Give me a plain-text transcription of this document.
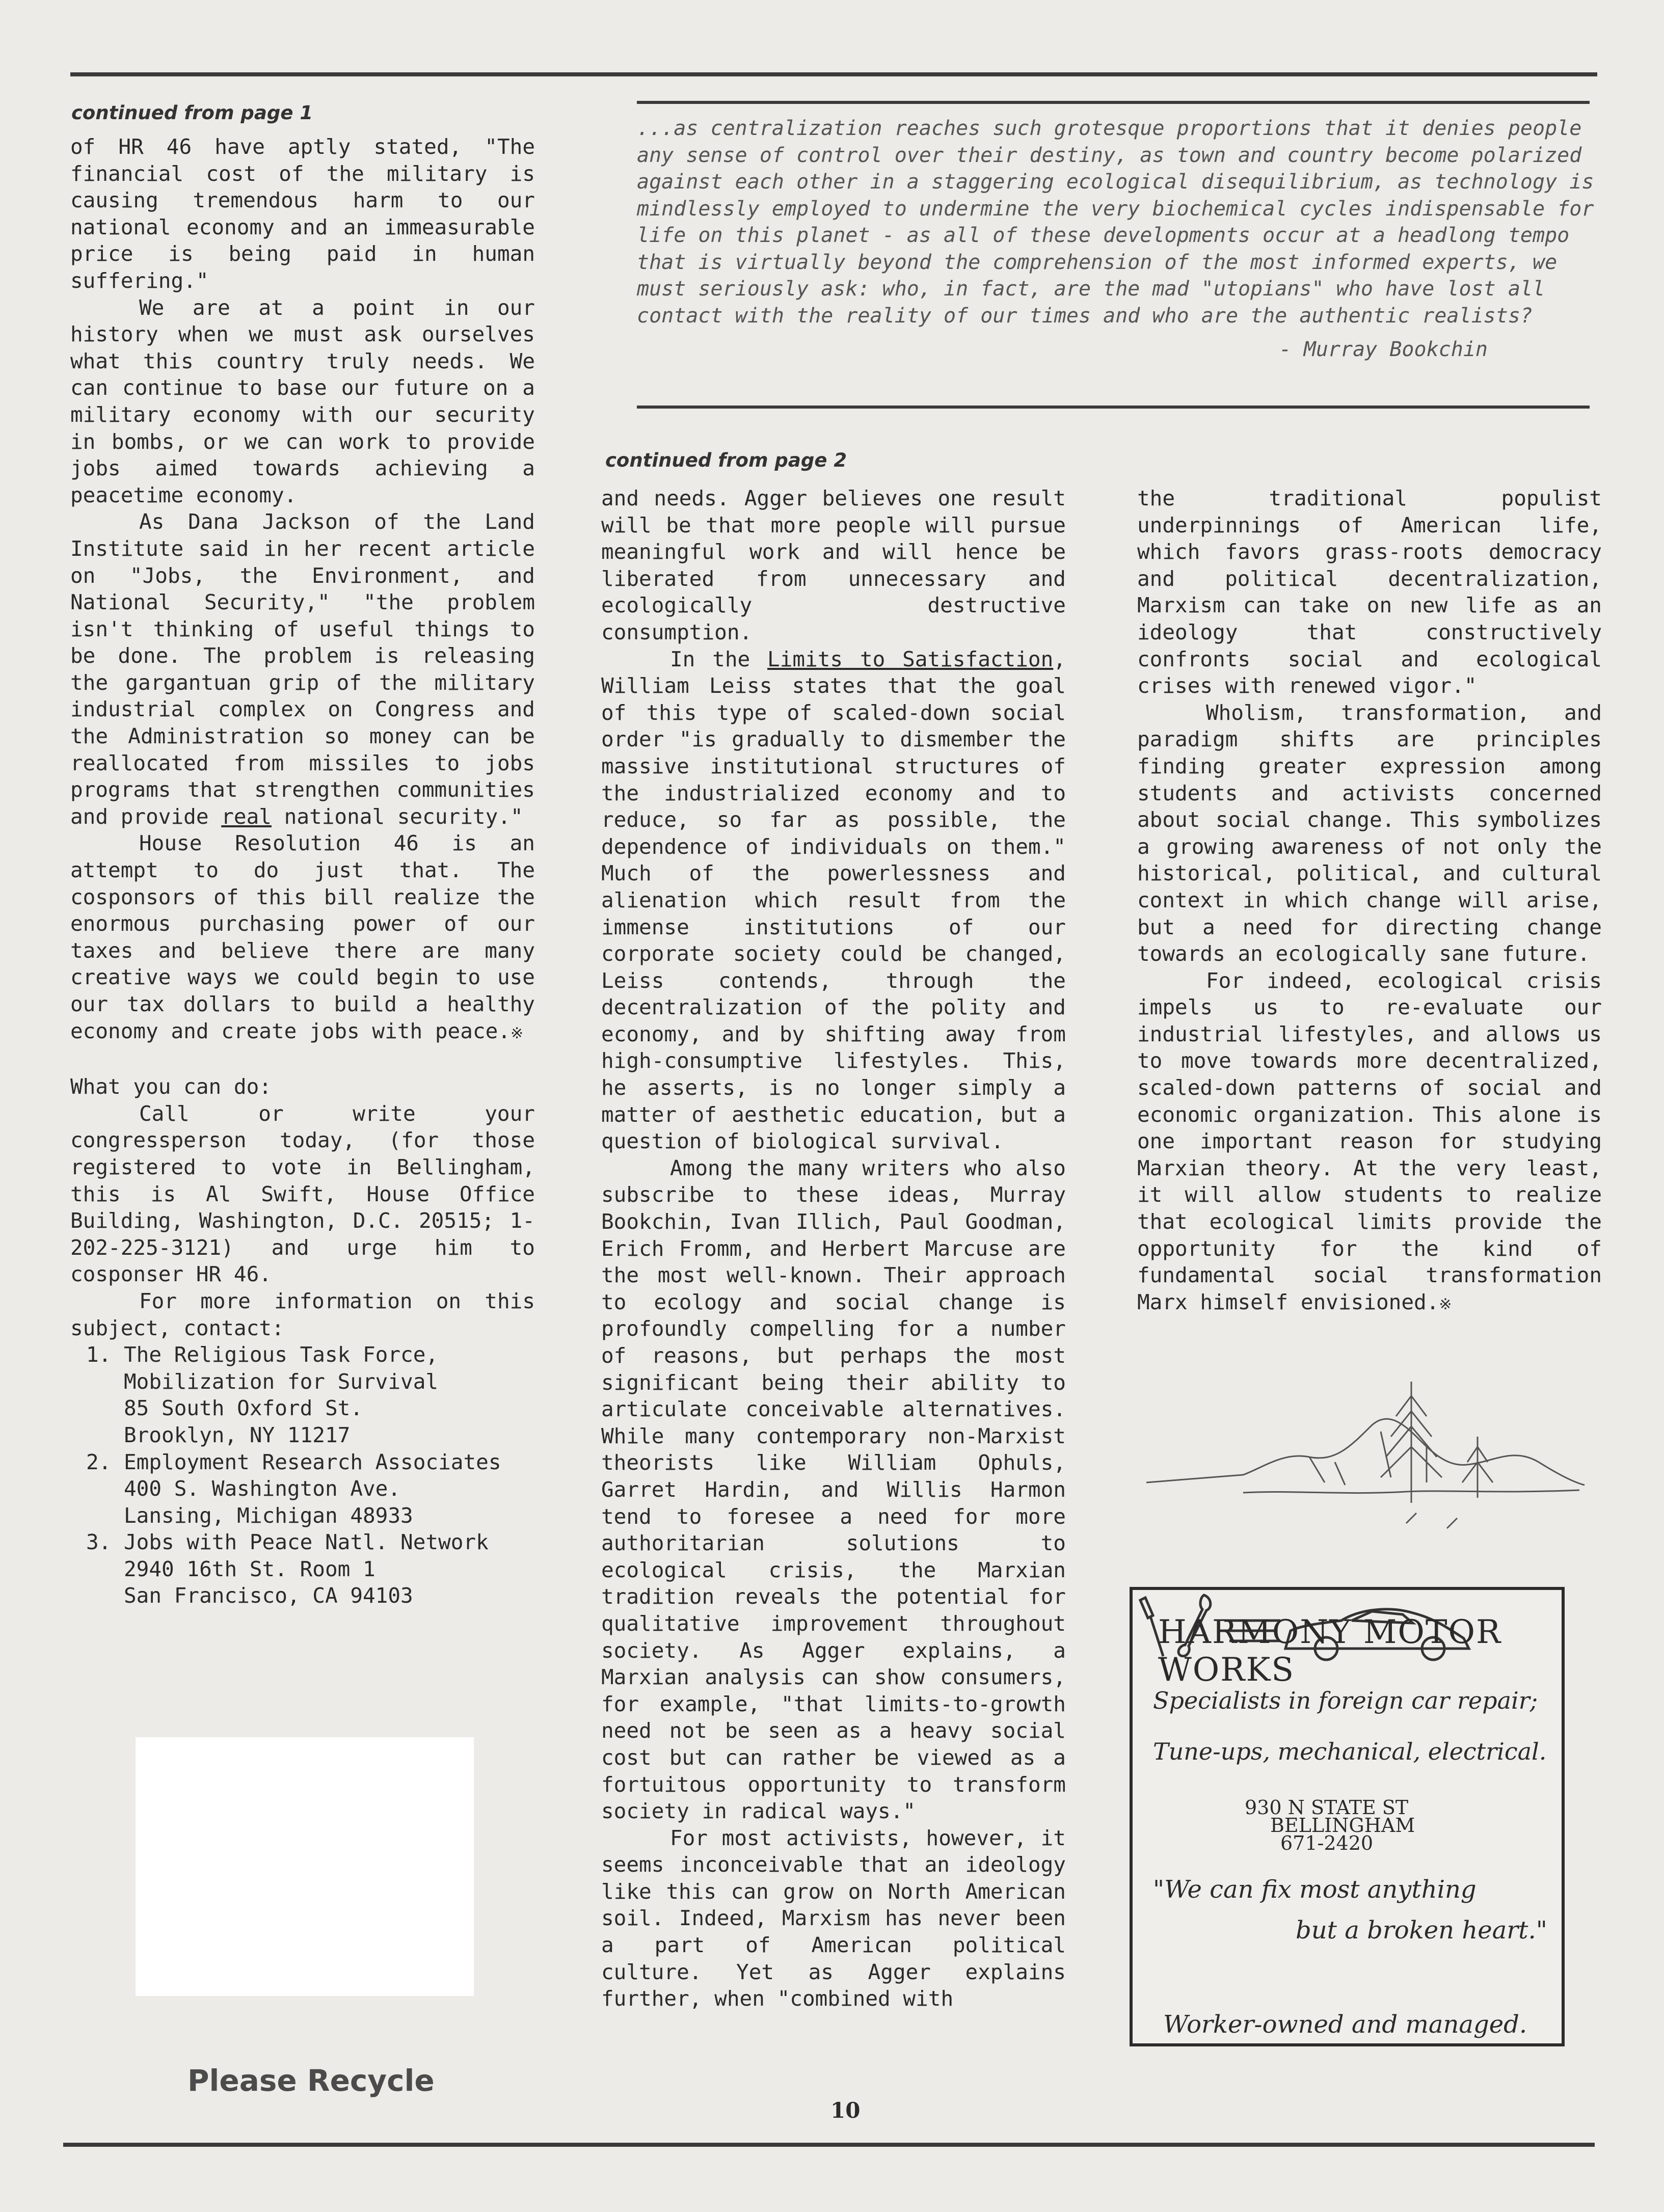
continued from page 1

of HR 46 have aptly stated, "The financial cost of the military is causing tremendous harm to our national economy and an immeasurable price is being paid in human suffering."

We are at a point in our history when we must ask ourselves what this country truly needs. We can continue to base our future on a military economy with our security in bombs, or we can work to provide jobs aimed towards achieving a peacetime economy.

As Dana Jackson of the Land Institute said in her recent article on "Jobs, the Environment, and National Security," "the problem isn't thinking of useful things to be done. The problem is releasing the gargantuan grip of the military industrial complex on Congress and the Administration so money can be reallocated from missiles to jobs programs that strengthen communities and provide real national security."

House Resolution 46 is an attempt to do just that. The cosponsors of this bill realize the enormous purchasing power of our taxes and believe there are many creative ways we could begin to use our tax dollars to build a healthy economy and create jobs with peace.※

What you can do:

Call or write your congressperson today, (for those registered to vote in Bellingham, this is Al Swift, House Office Building, Washington, D.C. 20515; 1-202-225-3121) and urge him to cosponser HR 46.

For more information on this subject, contact:

1. The Religious Task Force,
Mobilization for Survival
85 South Oxford St.
Brooklyn, NY 11217
2. Employment Research Associates
400 S. Washington Ave.
Lansing, Michigan 48933
3. Jobs with Peace Natl. Network
2940 16th St. Room 1
San Francisco, CA 94103
Please Recycle
...as centralization reaches such grotesque proportions that it denies people any sense of control over their destiny, as town and country become polarized against each other in a staggering ecological disequilibrium, as technology is mindlessly employed to undermine the very biochemical cycles indispensable for life on this planet - as all of these developments occur at a headlong tempo that is virtually beyond the comprehension of the most informed experts, we must seriously ask: who, in fact, are the mad "utopians" who have lost all contact with the reality of our times and who are the authentic realists?
- Murray Bookchin
continued from page 2

and needs. Agger believes one result will be that more people will pursue meaningful work and will hence be liberated from unnecessary and ecologically destructive consumption.

In the Limits to Satisfaction, William Leiss states that the goal of this type of scaled-down social order "is gradually to dismember the massive institutional structures of the industrialized economy and to reduce, so far as possible, the dependence of individuals on them." Much of the powerlessness and alienation which result from the immense institutions of our corporate society could be changed, Leiss contends, through the decentralization of the polity and economy, and by shifting away from high-consumptive lifestyles. This, he asserts, is no longer simply a matter of aesthetic education, but a question of biological survival.

Among the many writers who also subscribe to these ideas, Murray Bookchin, Ivan Illich, Paul Goodman, Erich Fromm, and Herbert Marcuse are the most well-known. Their approach to ecology and social change is profoundly compelling for a number of reasons, but perhaps the most significant being their ability to articulate conceivable alternatives. While many contemporary non-Marxist theorists like William Ophuls, Garret Hardin, and Willis Harmon tend to foresee a need for more authoritarian solutions to ecological crisis, the Marxian tradition reveals the potential for qualitative improvement throughout society. As Agger explains, a Marxian analysis can show consumers, for example, "that limits-to-growth need not be seen as a heavy social cost but can rather be viewed as a fortuitous opportunity to transform society in radical ways."

For most activists, however, it seems inconceivable that an ideology like this can grow on North American soil. Indeed, Marxism has never been a part of American political culture. Yet as Agger explains further, when "combined with

the traditional populist underpinnings of American life, which favors grass-roots democracy and political decentralization, Marxism can take on new life as an ideology that constructively confronts social and ecological crises with renewed vigor."

Wholism, transformation, and paradigm shifts are principles finding greater expression among students and activists concerned about social change. This symbolizes a growing awareness of not only the historical, political, and cultural context in which change will arise, but a need for directing change towards an ecologically sane future.

For indeed, ecological crisis impels us to re-evaluate our industrial lifestyles, and allows us to move towards more decentralized, scaled-down patterns of social and economic organization. This alone is one important reason for studying Marxian theory. At the very least, it will allow students to realize that ecological limits provide the opportunity for the kind of fundamental social transformation Marx himself envisioned.※

HARMONY MOTOR WORKS
Specialists in foreign car repair;
Tune-ups, mechanical, electrical.

930 N STATE ST
BELLINGHAM
671-2420

"We can fix most anything
but a broken heart."
Worker-owned and managed.
10
